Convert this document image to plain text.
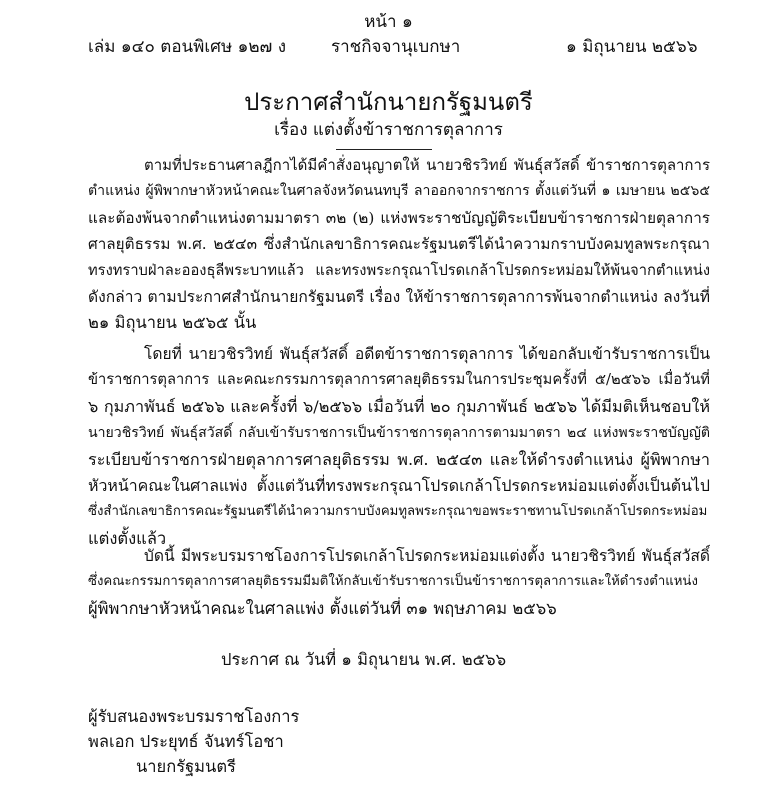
หน้า ๑
เล่ม ๑๔๐ ตอนพิเศษ ๑๒๗ ง	ราชกิจจานุเบกษา	๑ มิถุนายน ๒๕๖๖
ประกาศสำนักนายกรัฐมนตรี
เรื่อง แต่งตั้งข้าราชการตุลาการ
ตามที่ประธานศาลฎีกาได้มีคำสั่งอนุญาตให้ นายวชิรวิทย์ พันธุ์สวัสดิ์ ข้าราชการตุลาการ
ตำแหน่ง ผู้พิพากษาหัวหน้าคณะในศาลจังหวัดนนทบุรี ลาออกจากราชการ ตั้งแต่วันที่ ๑ เมษายน ๒๕๖๕
และต้องพ้นจากตำแหน่งตามมาตรา ๓๒ (๒) แห่งพระราชบัญญัติระเบียบข้าราชการฝ่ายตุลาการ
ศาลยุติธรรม พ.ศ. ๒๕๔๓ ซึ่งสำนักเลขาธิการคณะรัฐมนตรีได้นำความกราบบังคมทูลพระกรุณา
ทรงทราบฝ่าละอองธุลีพระบาทแล้ว และทรงพระกรุณาโปรดเกล้าโปรดกระหม่อมให้พ้นจากตำแหน่ง
ดังกล่าว ตามประกาศสำนักนายกรัฐมนตรี เรื่อง ให้ข้าราชการตุลาการพ้นจากตำแหน่ง ลงวันที่
๒๑ มิถุนายน ๒๕๖๕ นั้น
โดยที่ นายวชิรวิทย์ พันธุ์สวัสดิ์ อดีตข้าราชการตุลาการ ได้ขอกลับเข้ารับราชการเป็น
ข้าราชการตุลาการ และคณะกรรมการตุลาการศาลยุติธรรมในการประชุมครั้งที่ ๕/๒๕๖๖ เมื่อวันที่
๖ กุมภาพันธ์ ๒๕๖๖ และครั้งที่ ๖/๒๕๖๖ เมื่อวันที่ ๒๐ กุมภาพันธ์ ๒๕๖๖ ได้มีมติเห็นชอบให้
นายวชิรวิทย์ พันธุ์สวัสดิ์ กลับเข้ารับราชการเป็นข้าราชการตุลาการตามมาตรา ๒๔ แห่งพระราชบัญญัติ
ระเบียบข้าราชการฝ่ายตุลาการศาลยุติธรรม พ.ศ. ๒๕๔๓ และให้ดำรงตำแหน่ง ผู้พิพากษา
หัวหน้าคณะในศาลแพ่ง ตั้งแต่วันที่ทรงพระกรุณาโปรดเกล้าโปรดกระหม่อมแต่งตั้งเป็นต้นไป
ซึ่งสำนักเลขาธิการคณะรัฐมนตรีได้นำความกราบบังคมทูลพระกรุณาขอพระราชทานโปรดเกล้าโปรดกระหม่อม
แต่งตั้งแล้ว
บัดนี้ มีพระบรมราชโองการโปรดเกล้าโปรดกระหม่อมแต่งตั้ง นายวชิรวิทย์ พันธุ์สวัสดิ์
ซึ่งคณะกรรมการตุลาการศาลยุติธรรมมีมติให้กลับเข้ารับราชการเป็นข้าราชการตุลาการและให้ดำรงตำแหน่ง
ผู้พิพากษาหัวหน้าคณะในศาลแพ่ง ตั้งแต่วันที่ ๓๑ พฤษภาคม ๒๕๖๖
ประกาศ ณ วันที่ ๑ มิถุนายน พ.ศ. ๒๕๖๖
ผู้รับสนองพระบรมราชโองการ
พลเอก ประยุทธ์ จันทร์โอชา
นายกรัฐมนตรี
